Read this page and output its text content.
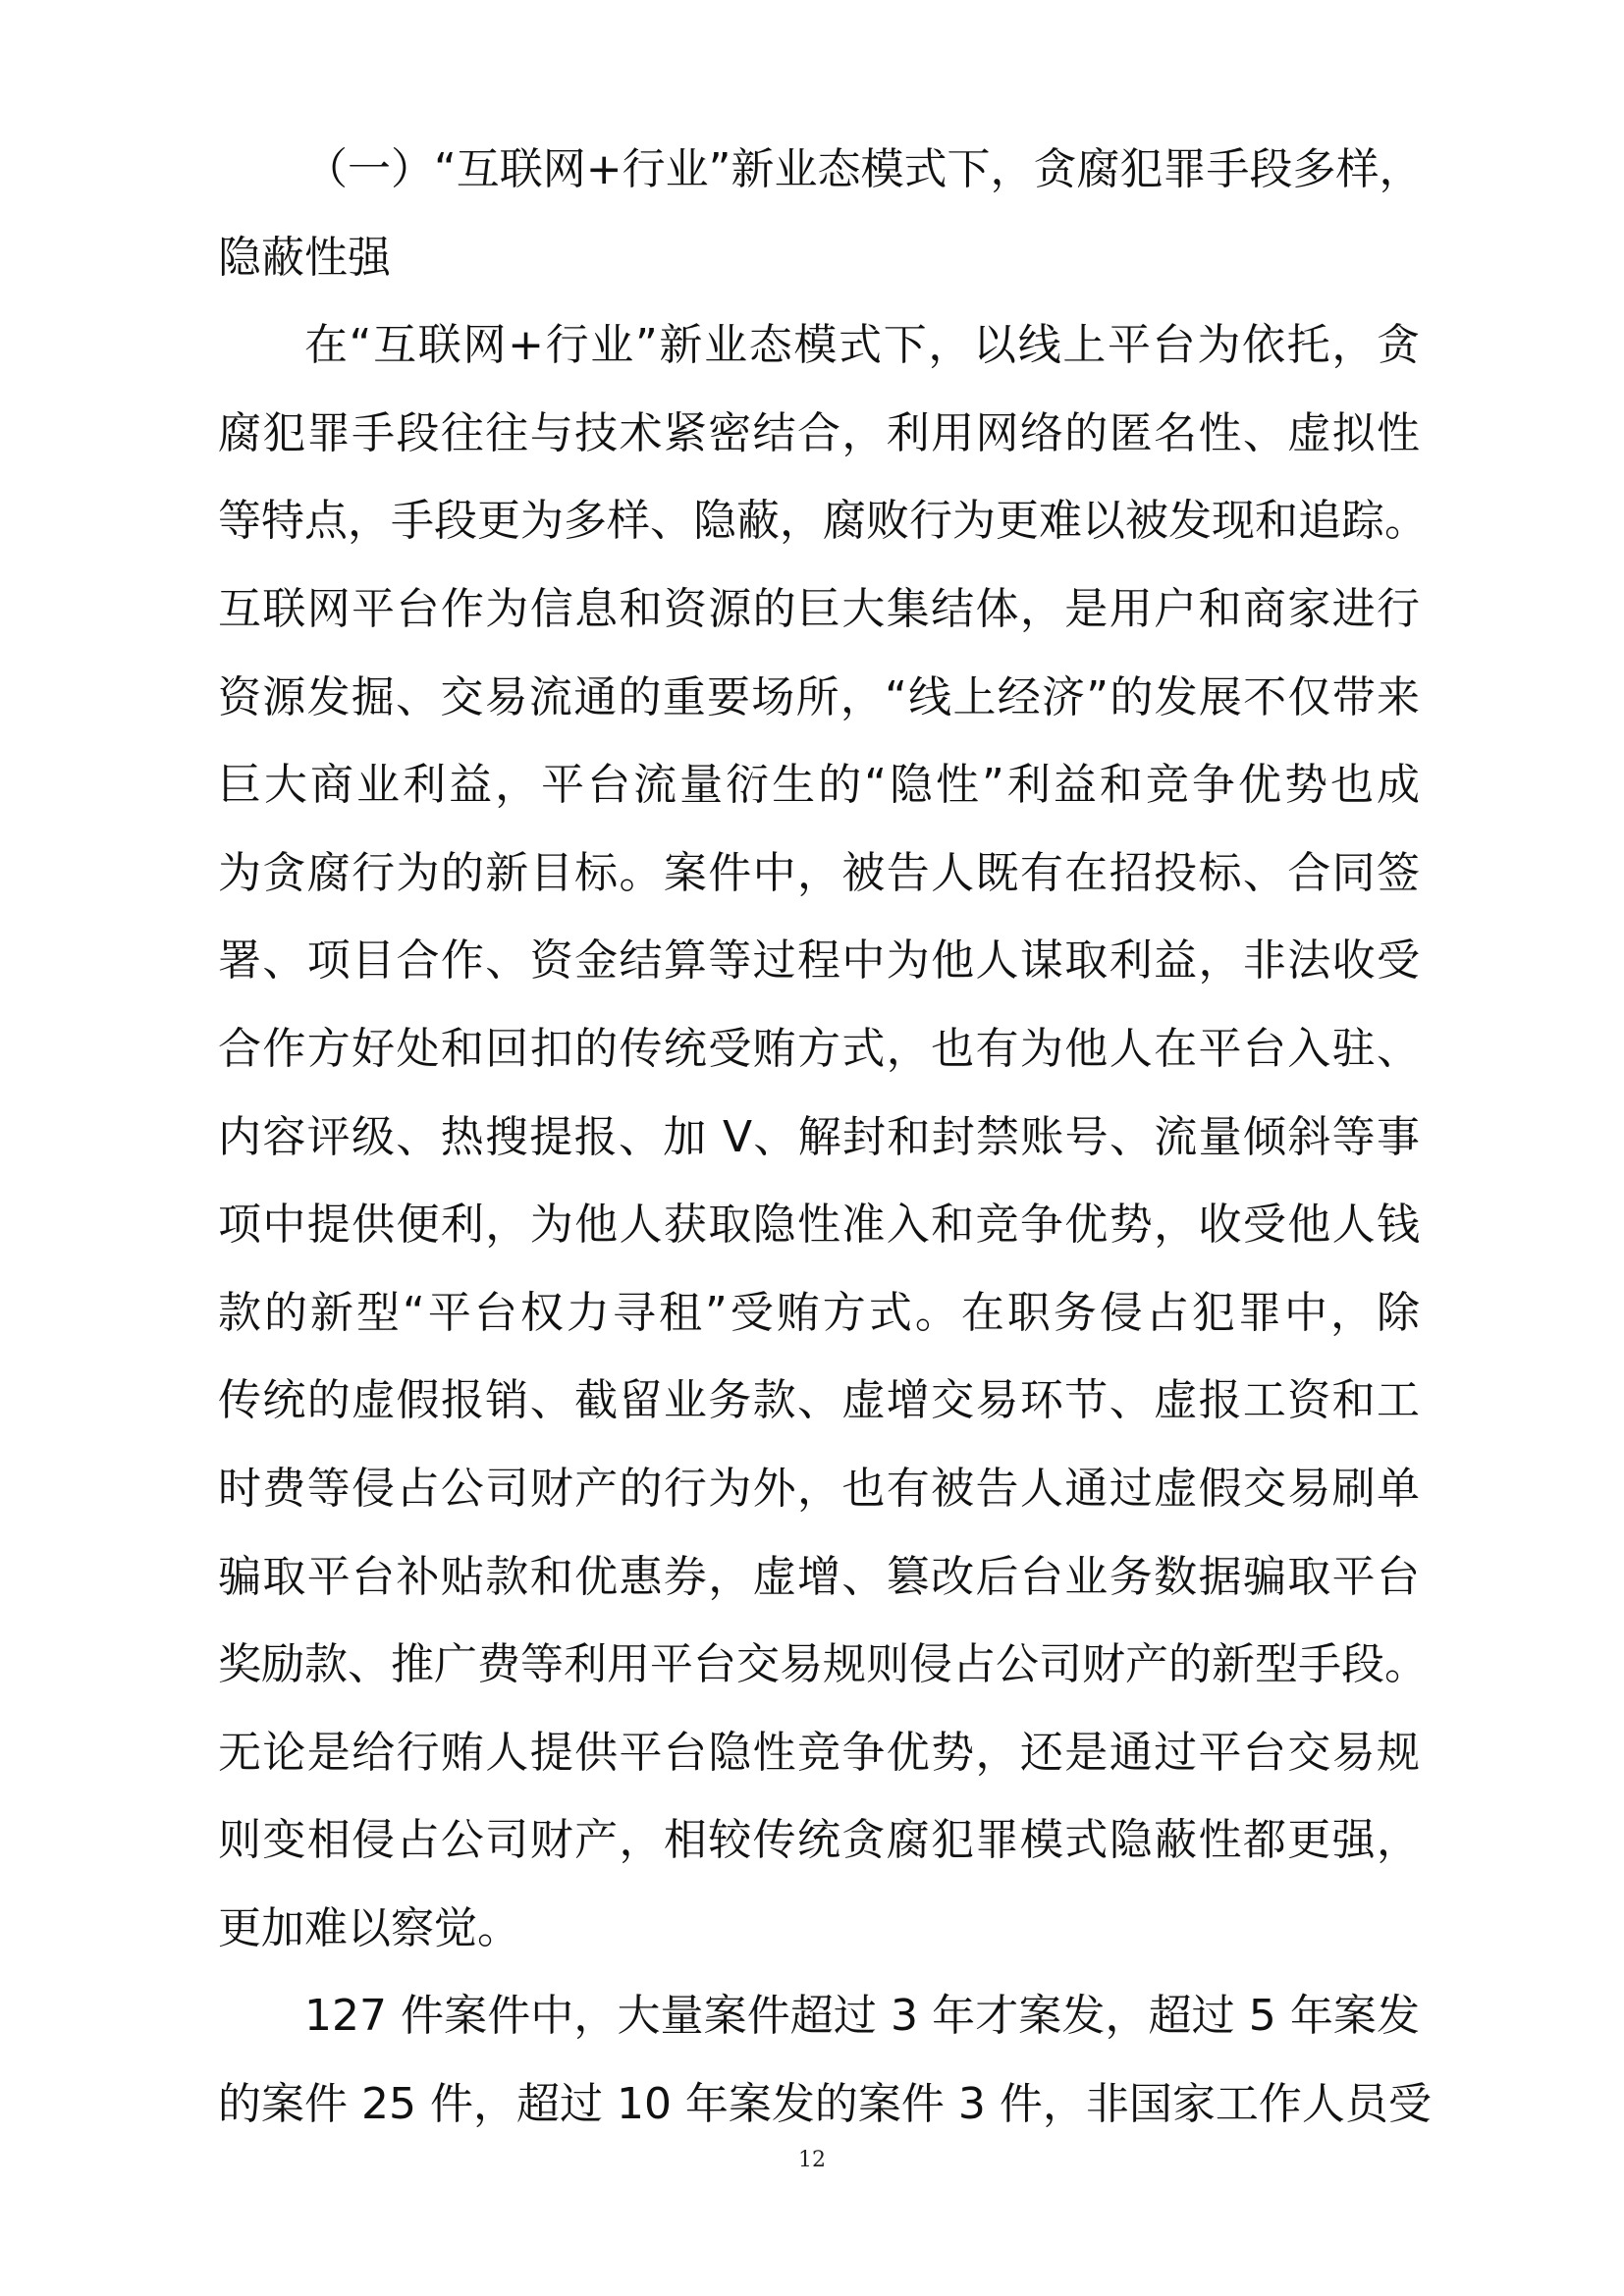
（一）“互联网+行业”新业态模式下，贪腐犯罪手段多样，
隐蔽性强
在“互联网+行业”新业态模式下，以线上平台为依托，贪
腐犯罪手段往往与技术紧密结合，利用网络的匿名性、虚拟性
等特点，手段更为多样、隐蔽，腐败行为更难以被发现和追踪。
互联网平台作为信息和资源的巨大集结体，是用户和商家进行
资源发掘、交易流通的重要场所，“线上经济”的发展不仅带来
巨大商业利益，平台流量衍生的“隐性”利益和竞争优势也成
为贪腐行为的新目标。案件中，被告人既有在招投标、合同签
署、项目合作、资金结算等过程中为他人谋取利益，非法收受
合作方好处和回扣的传统受贿方式，也有为他人在平台入驻、
内容评级、热搜提报、加 V、解封和封禁账号、流量倾斜等事
项中提供便利，为他人获取隐性准入和竞争优势，收受他人钱
款的新型“平台权力寻租”受贿方式。在职务侵占犯罪中，除
传统的虚假报销、截留业务款、虚增交易环节、虚报工资和工
时费等侵占公司财产的行为外，也有被告人通过虚假交易刷单
骗取平台补贴款和优惠券，虚增、篡改后台业务数据骗取平台
奖励款、推广费等利用平台交易规则侵占公司财产的新型手段。
无论是给行贿人提供平台隐性竞争优势，还是通过平台交易规
则变相侵占公司财产，相较传统贪腐犯罪模式隐蔽性都更强，
更加难以察觉。
127 件案件中，大量案件超过 3 年才案发，超过 5 年案发
的案件 25 件，超过 10 年案发的案件 3 件，非国家工作人员受
12
